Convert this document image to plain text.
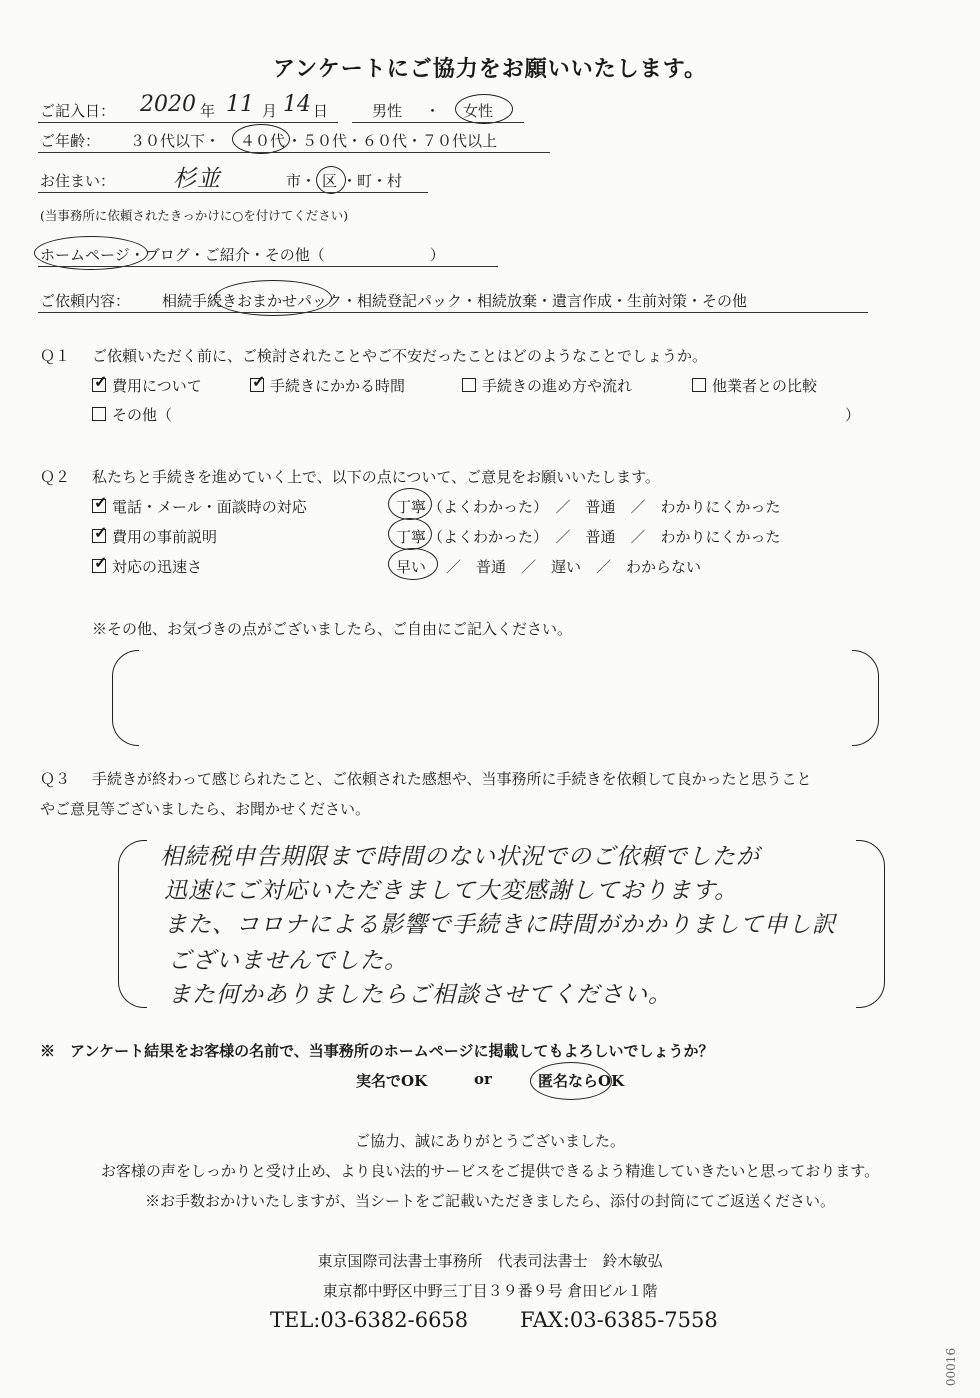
アンケートにご協力をお願いいたします。
ご記入日： 2020 年 11 月 14 日	男性 ・ 女性
ご年齢： ３０代以下・ ４０代 ・５０代・６０代・７０代以上
お住まい：	杉並	市・ 区 ・町・村
(当事務所に依頼されたきっかけに○を付けてください)
ホームページ・ブログ・ご紹介・その他（　　　　　　　）
ご依頼内容： 相続手続きおまかせパック・相続登記パック・相続放棄・遺言作成・生前対策・その他
Ｑ１ ご依頼いただく前に、ご検討されたことやご不安だったことはどのようなことでしょうか。
✓ 費用について	✓ 手続きにかかる時間	手続きの進め方や流れ	他業者との比較
その他（	）
Ｑ２ 私たちと手続きを進めていく上で、以下の点について、ご意見をお願いいたします。
✓ 電話・メール・面談時の対応	丁寧 （よくわかった）　／　普通　／　わかりにくかった
✓ 費用の事前説明	丁寧 （よくわかった）　／　普通　／　わかりにくかった
✓ 対応の迅速さ	早い ／　普通　／　遅い　／　わからない
※その他、お気づきの点がございましたら、ご自由にご記入ください。
Ｑ３ 手続きが終わって感じられたこと、ご依頼された感想や、当事務所に手続きを依頼して良かったと思うこと
やご意見等ございましたら、お聞かせください。
相続税申告期限まで時間のない状況でのご依頼でしたが
迅速にご対応いただきまして大変感謝しております。
また、コロナによる影響で手続きに時間がかかりまして申し訳
ございませんでした。
また何かありましたらご相談させてください。
※　アンケート結果をお客様の名前で、当事務所のホームページに掲載してもよろしいでしょうか？
実名でOK	or	匿名ならOK
ご協力、誠にありがとうございました。
お客様の声をしっかりと受け止め、より良い法的サービスをご提供できるよう精進していきたいと思っております。
※お手数おかけいたしますが、当シートをご記載いただきましたら、添付の封筒にてご返送ください。
東京国際司法書士事務所　代表司法書士　鈴木敏弘
東京都中野区中野三丁目３９番９号 倉田ビル１階
TEL:03-6382-6658 FAX:03-6385-7558
00016
